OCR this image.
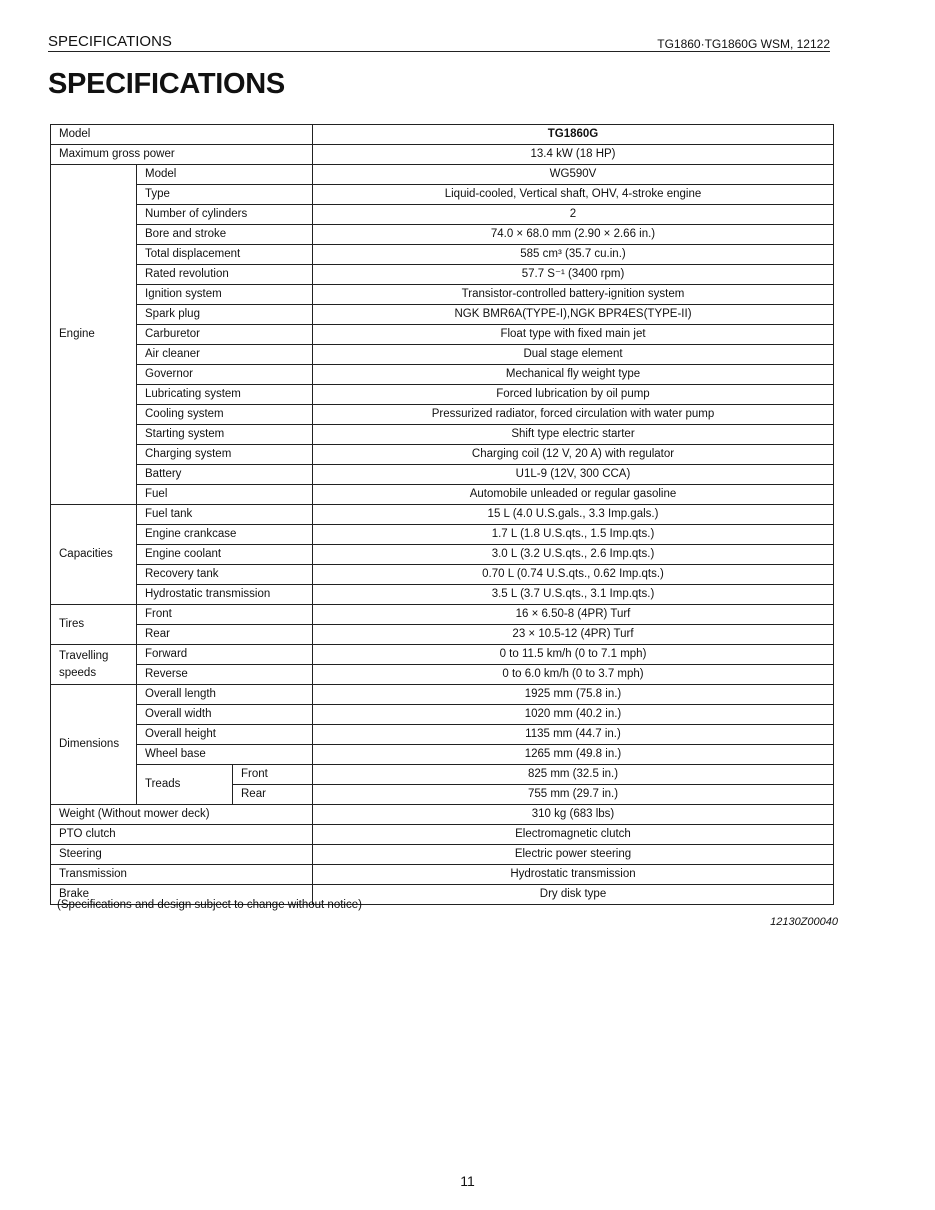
SPECIFICATIONS	TG1860·TG1860G WSM, 12122
SPECIFICATIONS
Model			TG1860G
Maximum gross power			13.4 kW (18 HP)
Engine	Model		WG590V
	Type		Liquid-cooled, Vertical shaft, OHV, 4-stroke engine
	Number of cylinders		2
	Bore and stroke		74.0 × 68.0 mm (2.90 × 2.66 in.)
	Total displacement		585 cm³ (35.7 cu.in.)
	Rated revolution		57.7 S⁻¹ (3400 rpm)
	Ignition system		Transistor-controlled battery-ignition system
	Spark plug		NGK BMR6A(TYPE-I),NGK BPR4ES(TYPE-II)
	Carburetor		Float type with fixed main jet
	Air cleaner		Dual stage element
	Governor		Mechanical fly weight type
	Lubricating system		Forced lubrication by oil pump
	Cooling system		Pressurized radiator, forced circulation with water pump
	Starting system		Shift type electric starter
	Charging system		Charging coil (12 V, 20 A) with regulator
	Battery		U1L-9 (12V, 300 CCA)
	Fuel		Automobile unleaded or regular gasoline
Capacities	Fuel tank		15 L (4.0 U.S.gals., 3.3 Imp.gals.)
	Engine crankcase		1.7 L (1.8 U.S.qts., 1.5 Imp.qts.)
	Engine coolant		3.0 L (3.2 U.S.qts., 2.6 Imp.qts.)
	Recovery tank		0.70 L (0.74 U.S.qts., 0.62 Imp.qts.)
	Hydrostatic transmission		3.5 L (3.7 U.S.qts., 3.1 Imp.qts.)
Tires	Front		16 × 6.50-8 (4PR) Turf
	Rear		23 × 10.5-12 (4PR) Turf
Travelling speeds	Forward		0 to 11.5 km/h (0 to 7.1 mph)
	Reverse		0 to 6.0 km/h (0 to 3.7 mph)
Dimensions	Overall length		1925 mm (75.8 in.)
	Overall width		1020 mm (40.2 in.)
	Overall height		1135 mm (44.7 in.)
	Wheel base		1265 mm (49.8 in.)
	Treads	Front	825 mm (32.5 in.)
		Rear	755 mm (29.7 in.)
Weight (Without mower deck)			310 kg (683 lbs)
PTO clutch			Electromagnetic clutch
Steering			Electric power steering
Transmission			Hydrostatic transmission
Brake			Dry disk type
(Specifications and design subject to change without notice)
12130Z00040
11
